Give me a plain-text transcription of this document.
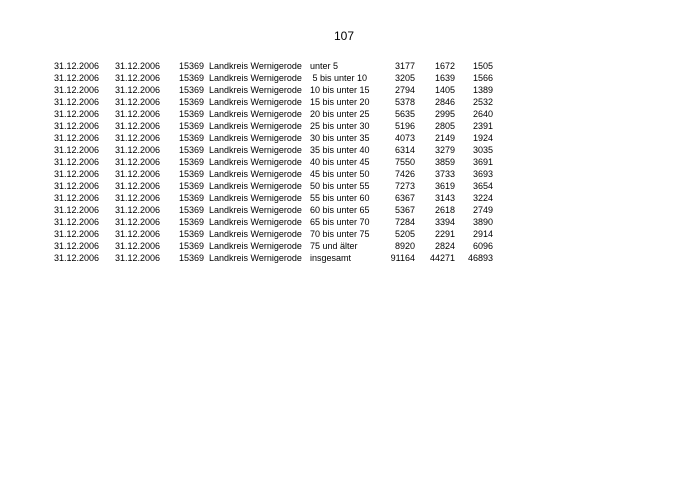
107
31.12.2006 31.12.2006	15369 Landkreis Wernigerode unter 5	3177	1672	1505
31.12.2006 31.12.2006	15369 Landkreis Wernigerode 5 bis unter 10	3205	1639	1566
31.12.2006 31.12.2006	15369 Landkreis Wernigerode 10 bis unter 15	2794	1405	1389
31.12.2006 31.12.2006	15369 Landkreis Wernigerode 15 bis unter 20	5378	2846	2532
31.12.2006 31.12.2006	15369 Landkreis Wernigerode 20 bis unter 25	5635	2995	2640
31.12.2006 31.12.2006	15369 Landkreis Wernigerode 25 bis unter 30	5196	2805	2391
31.12.2006 31.12.2006	15369 Landkreis Wernigerode 30 bis unter 35	4073	2149	1924
31.12.2006 31.12.2006	15369 Landkreis Wernigerode 35 bis unter 40	6314	3279	3035
31.12.2006 31.12.2006	15369 Landkreis Wernigerode 40 bis unter 45	7550	3859	3691
31.12.2006 31.12.2006	15369 Landkreis Wernigerode 45 bis unter 50	7426	3733	3693
31.12.2006 31.12.2006	15369 Landkreis Wernigerode 50 bis unter 55	7273	3619	3654
31.12.2006 31.12.2006	15369 Landkreis Wernigerode 55 bis unter 60	6367	3143	3224
31.12.2006 31.12.2006	15369 Landkreis Wernigerode 60 bis unter 65	5367	2618	2749
31.12.2006 31.12.2006	15369 Landkreis Wernigerode 65 bis unter 70	7284	3394	3890
31.12.2006 31.12.2006	15369 Landkreis Wernigerode 70 bis unter 75	5205	2291	2914
31.12.2006 31.12.2006	15369 Landkreis Wernigerode 75 und älter	8920	2824	6096
31.12.2006 31.12.2006	15369 Landkreis Wernigerode insgesamt	91164	44271	46893
